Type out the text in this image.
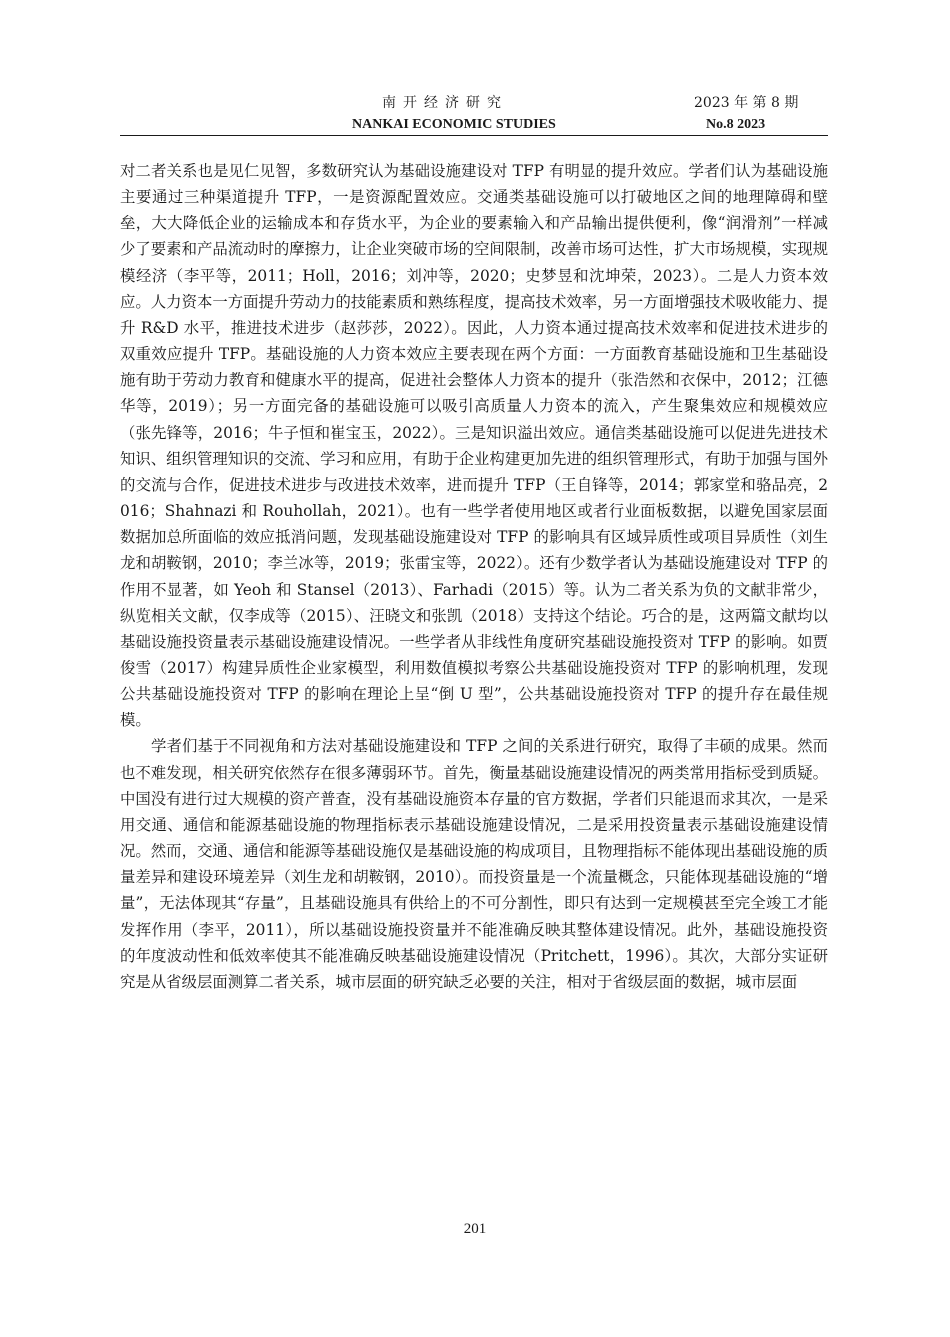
南开经济研究
NANKAI ECONOMIC STUDIES
2023 年 第 8 期
No.8 2023

对二者关系也是见仁见智，多数研究认为基础设施建设对 TFP 有明显的提升效应。学者们认为基础设施主要通过三种渠道提升 TFP，一是资源配置效应。交通类基础设施可以打破地区之间的地理障碍和壁垒，大大降低企业的运输成本和存货水平，为企业的要素输入和产品输出提供便利，像“润滑剂”一样减少了要素和产品流动时的摩擦力，让企业突破市场的空间限制，改善市场可达性，扩大市场规模，实现规模经济（李平等，2011；Holl，2016；刘冲等，2020；史梦昱和沈坤荣，2023）。二是人力资本效应。人力资本一方面提升劳动力的技能素质和熟练程度，提高技术效率，另一方面增强技术吸收能力、提升 R&D 水平，推进技术进步（赵莎莎，2022）。因此，人力资本通过提高技术效率和促进技术进步的双重效应提升 TFP。基础设施的人力资本效应主要表现在两个方面：一方面教育基础设施和卫生基础设施有助于劳动力教育和健康水平的提高，促进社会整体人力资本的提升（张浩然和衣保中，2012；江德华等，2019）；另一方面完备的基础设施可以吸引高质量人力资本的流入，产生聚集效应和规模效应（张先锋等，2016；牛子恒和崔宝玉，2022）。三是知识溢出效应。通信类基础设施可以促进先进技术知识、组织管理知识的交流、学习和应用，有助于企业构建更加先进的组织管理形式，有助于加强与国外的交流与合作，促进技术进步与改进技术效率，进而提升 TFP（王自锋等，2014；郭家堂和骆品亮，2016；Shahnazi 和 Rouhollah，2021）。也有一些学者使用地区或者行业面板数据，以避免国家层面数据加总所面临的效应抵消问题，发现基础设施建设对 TFP 的影响具有区域异质性或项目异质性（刘生龙和胡鞍钢，2010；李兰冰等，2019；张雷宝等，2022）。还有少数学者认为基础设施建设对 TFP 的作用不显著，如 Yeoh 和 Stansel（2013）、Farhadi（2015）等。认为二者关系为负的文献非常少，纵览相关文献，仅李成等（2015）、汪晓文和张凯（2018）支持这个结论。巧合的是，这两篇文献均以基础设施投资量表示基础设施建设情况。一些学者从非线性角度研究基础设施投资对 TFP 的影响。如贾俊雪（2017）构建异质性企业家模型，利用数值模拟考察公共基础设施投资对 TFP 的影响机理，发现公共基础设施投资对 TFP 的影响在理论上呈“倒 U 型”，公共基础设施投资对 TFP 的提升存在最佳规模。

学者们基于不同视角和方法对基础设施建设和 TFP 之间的关系进行研究，取得了丰硕的成果。然而也不难发现，相关研究依然存在很多薄弱环节。首先，衡量基础设施建设情况的两类常用指标受到质疑。中国没有进行过大规模的资产普查，没有基础设施资本存量的官方数据，学者们只能退而求其次，一是采用交通、通信和能源基础设施的物理指标表示基础设施建设情况，二是采用投资量表示基础设施建设情况。然而，交通、通信和能源等基础设施仅是基础设施的构成项目，且物理指标不能体现出基础设施的质量差异和建设环境差异（刘生龙和胡鞍钢，2010）。而投资量是一个流量概念，只能体现基础设施的“增量”，无法体现其“存量”，且基础设施具有供给上的不可分割性，即只有达到一定规模甚至完全竣工才能发挥作用（李平，2011），所以基础设施投资量并不能准确反映其整体建设情况。此外，基础设施投资的年度波动性和低效率使其不能准确反映基础设施建设情况（Pritchett，1996）。其次，大部分实证研究是从省级层面测算二者关系，城市层面的研究缺乏必要的关注，相对于省级层面的数据，城市层面

201
